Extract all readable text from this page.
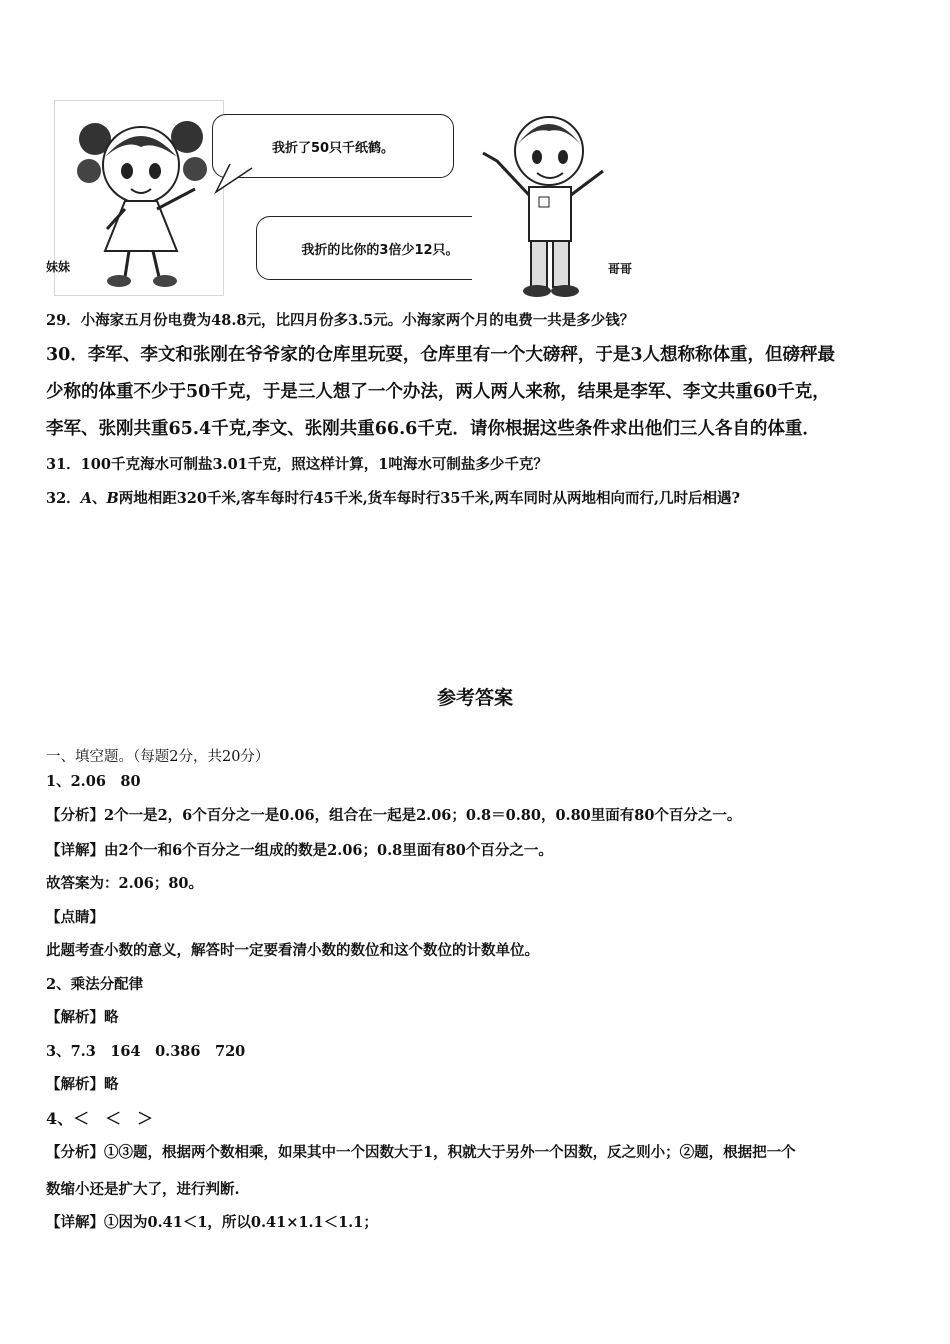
妹妹
我折了50只千纸鹤。
我折的比你的3倍少12只。
哥哥
29．小海家五月份电费为48.8元，比四月份多3.5元。小海家两个月的电费一共是多少钱？
30．李军、李文和张刚在爷爷家的仓库里玩耍，仓库里有一个大磅秤，于是3人想称称体重，但磅秤最
少称的体重不少于50千克，于是三人想了一个办法，两人两人来称，结果是李军、李文共重60千克，
李军、张刚共重65.4千克,李文、张刚共重66.6千克．请你根据这些条件求出他们三人各自的体重．
31．100千克海水可制盐3.01千克，照这样计算，1吨海水可制盐多少千克？
32．A、B两地相距320千米,客车每时行45千米,货车每时行35千米,两车同时从两地相向而行,几时后相遇?
参考答案
一、填空题。（每题2分，共20分）
1、2.06　80
【分析】2个一是2，6个百分之一是0.06，组合在一起是2.06；0.8＝0.80，0.80里面有80个百分之一。
【详解】由2个一和6个百分之一组成的数是2.06；0.8里面有80个百分之一。
故答案为：2.06；80。
【点睛】
此题考查小数的意义，解答时一定要看清小数的数位和这个数位的计数单位。
2、乘法分配律
【解析】略
3、7.3　164　0.386　720
【解析】略
4、＜　＜　＞
【分析】①③题，根据两个数相乘，如果其中一个因数大于1，积就大于另外一个因数，反之则小；②题，根据把一个
数缩小还是扩大了，进行判断.
【详解】①因为0.41＜1，所以0.41×1.1＜1.1；
